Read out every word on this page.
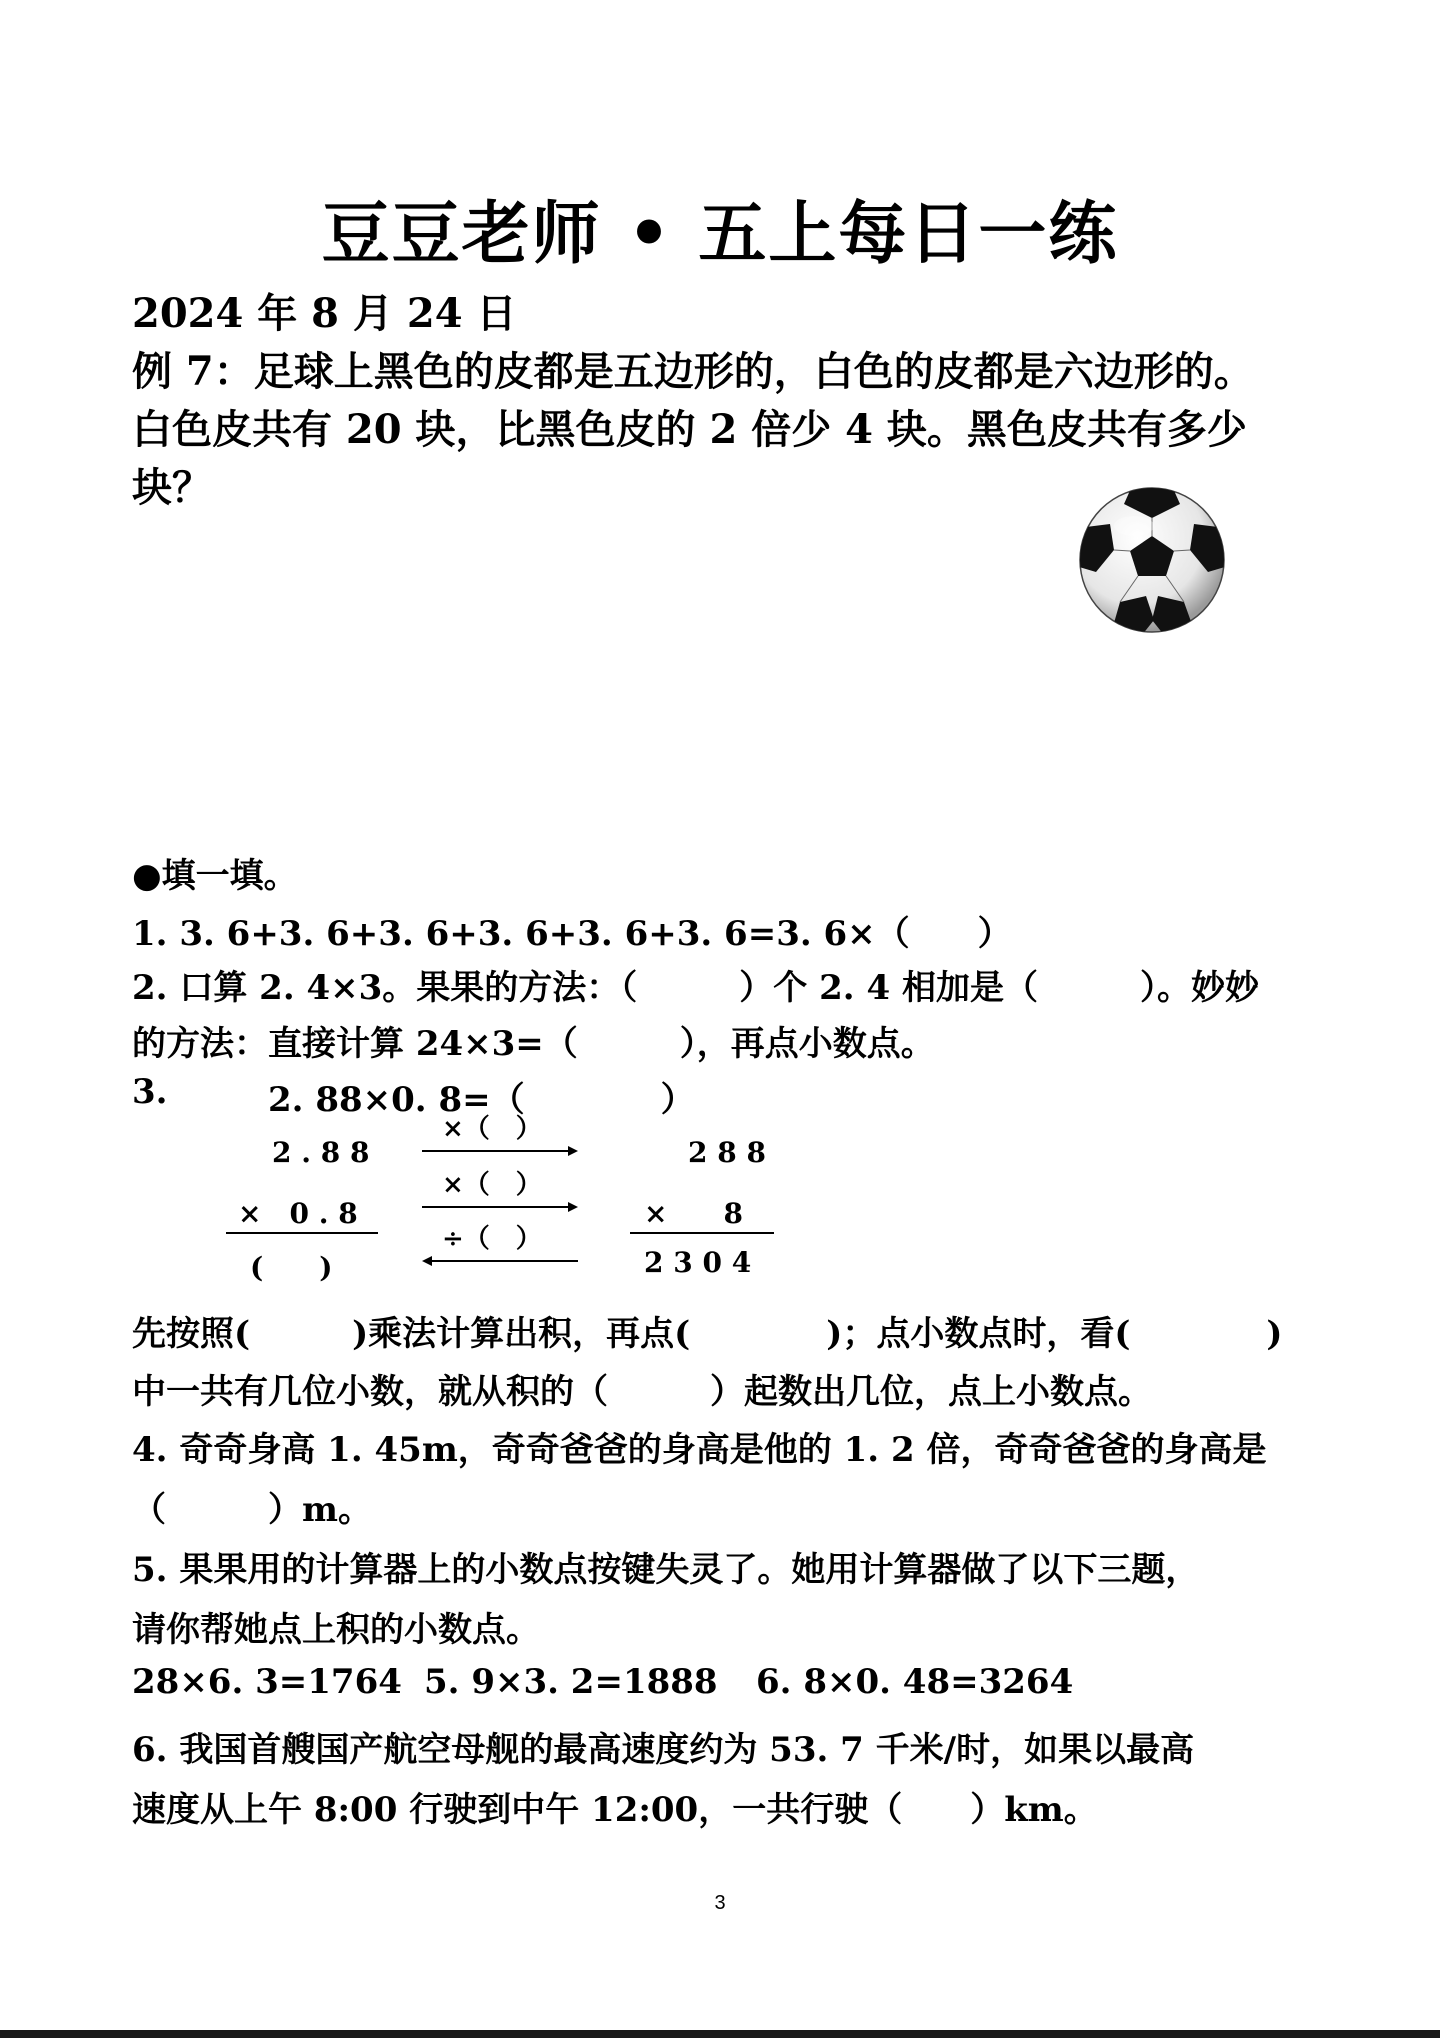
豆豆老师 • 五上每日一练
2024 年 8 月 24 日
例 7：足球上黑色的皮都是五边形的，白色的皮都是六边形的。
白色皮共有 20 块，比黑色皮的 2 倍少 4 块。黑色皮共有多少
块？
●填一填。
1. 3. 6+3. 6+3. 6+3. 6+3. 6+3. 6=3. 6×（　　）
2. 口算 2. 4×3。果果的方法：（　　　）个 2. 4 相加是（　　　）。妙妙
的方法：直接计算 24×3=（　　　），再点小数点。
3.	2. 88×0. 8=（　　　　）
2 . 8 8
×　0 . 8
(　　)
×（　）
×（　）
÷（　）
2 8 8
×　　8
2 3 0 4
先按照(　　　)乘法计算出积，再点(　　　　)；点小数点时，看(　　　　)
中一共有几位小数，就从积的（　　　）起数出几位，点上小数点。
4. 奇奇身高 1. 45m，奇奇爸爸的身高是他的 1. 2 倍，奇奇爸爸的身高是
（　　　）m。
5. 果果用的计算器上的小数点按键失灵了。她用计算器做了以下三题，
请你帮她点上积的小数点。
28×6. 3=1764 5. 9×3. 2=1888 6. 8×0. 48=3264
6. 我国首艘国产航空母舰的最高速度约为 53. 7 千米/时，如果以最高
速度从上午 8:00 行驶到中午 12:00，一共行驶（　　）km。
3
